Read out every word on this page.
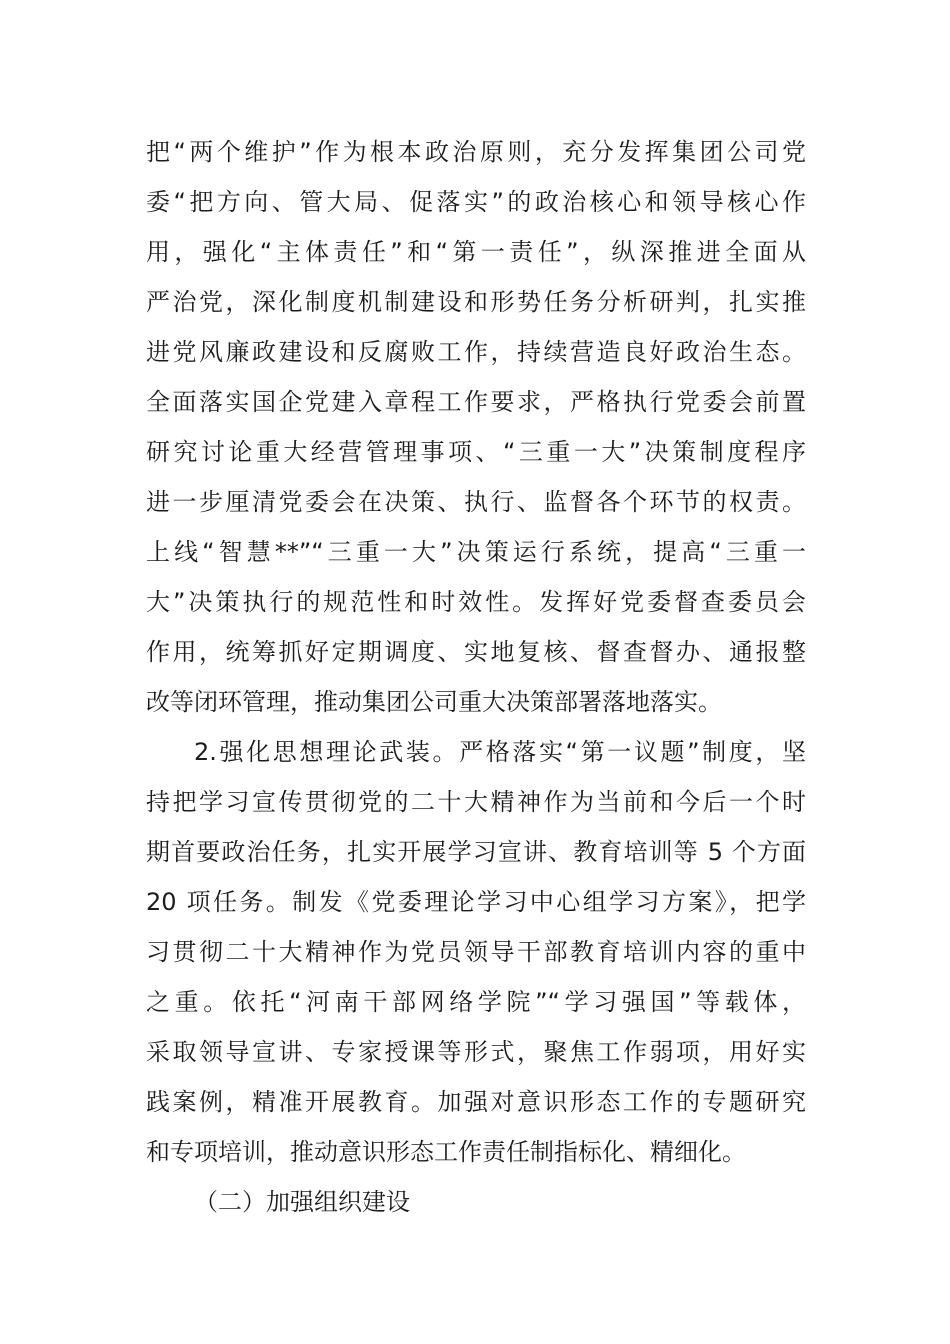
把“两个维护”作为根本政治原则，充分发挥集团公司党
委“把方向、管大局、促落实”的政治核心和领导核心作
用，强化“主体责任”和“第一责任”，纵深推进全面从
严治党，深化制度机制建设和形势任务分析研判，扎实推
进党风廉政建设和反腐败工作，持续营造良好政治生态。
全面落实国企党建入章程工作要求，严格执行党委会前置
研究讨论重大经营管理事项、“三重一大”决策制度程序
进一步厘清党委会在决策、执行、监督各个环节的权责。
上线“智慧**”“三重一大”决策运行系统，提高“三重一
大”决策执行的规范性和时效性。发挥好党委督查委员会
作用，统筹抓好定期调度、实地复核、督查督办、通报整
改等闭环管理，推动集团公司重大决策部署落地落实。
2.强化思想理论武装。严格落实“第一议题”制度，坚
持把学习宣传贯彻党的二十大精神作为当前和今后一个时
期首要政治任务，扎实开展学习宣讲、教育培训等 5 个方面
20 项任务。制发《党委理论学习中心组学习方案》，把学
习贯彻二十大精神作为党员领导干部教育培训内容的重中
之重。依托“河南干部网络学院”“学习强国”等载体，
采取领导宣讲、专家授课等形式，聚焦工作弱项，用好实
践案例，精准开展教育。加强对意识形态工作的专题研究
和专项培训，推动意识形态工作责任制指标化、精细化。
（二）加强组织建设
